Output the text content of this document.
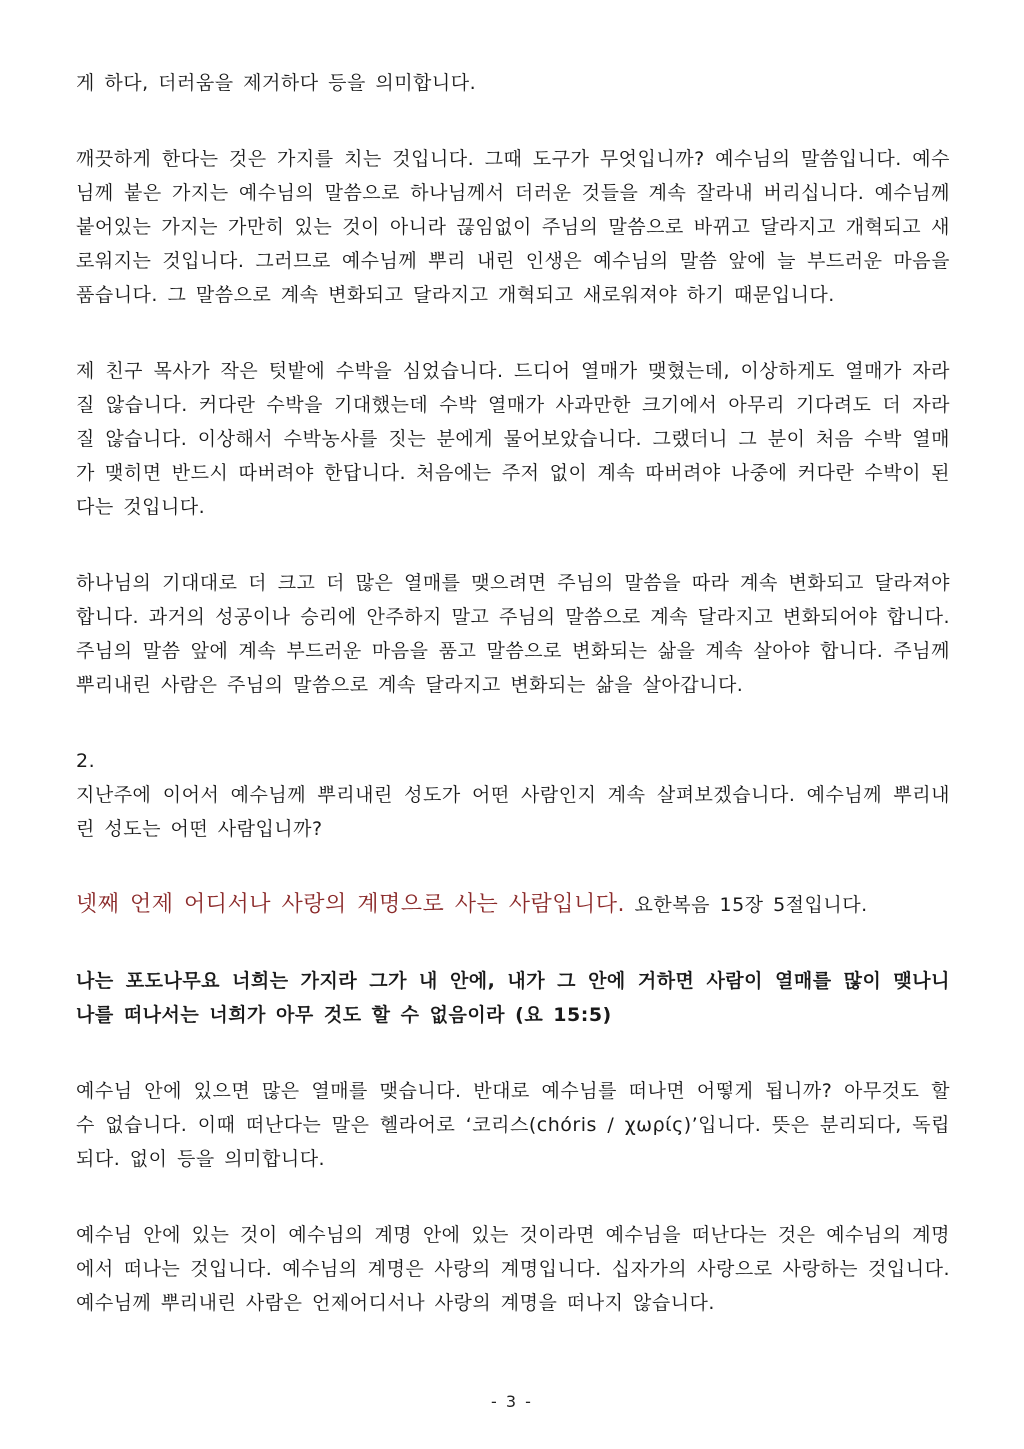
게 하다, 더러움을 제거하다 등을 의미합니다.

깨끗하게 한다는 것은 가지를 치는 것입니다. 그때 도구가 무엇입니까? 예수님의 말씀입니다. 예수님께 붙은 가지는 예수님의 말씀으로 하나님께서 더러운 것들을 계속 잘라내 버리십니다. 예수님께 붙어있는 가지는 가만히 있는 것이 아니라 끊임없이 주님의 말씀으로 바뀌고 달라지고 개혁되고 새로워지는 것입니다. 그러므로 예수님께 뿌리 내린 인생은 예수님의 말씀 앞에 늘 부드러운 마음을 품습니다. 그 말씀으로 계속 변화되고 달라지고 개혁되고 새로워져야 하기 때문입니다.

제 친구 목사가 작은 텃밭에 수박을 심었습니다. 드디어 열매가 맺혔는데, 이상하게도 열매가 자라질 않습니다. 커다란 수박을 기대했는데 수박 열매가 사과만한 크기에서 아무리 기다려도 더 자라질 않습니다. 이상해서 수박농사를 짓는 분에게 물어보았습니다. 그랬더니 그 분이 처음 수박 열매가 맺히면 반드시 따버려야 한답니다. 처음에는 주저 없이 계속 따버려야 나중에 커다란 수박이 된다는 것입니다.

하나님의 기대대로 더 크고 더 많은 열매를 맺으려면 주님의 말씀을 따라 계속 변화되고 달라져야 합니다. 과거의 성공이나 승리에 안주하지 말고 주님의 말씀으로 계속 달라지고 변화되어야 합니다. 주님의 말씀 앞에 계속 부드러운 마음을 품고 말씀으로 변화되는 삶을 계속 살아야 합니다. 주님께 뿌리내린 사람은 주님의 말씀으로 계속 달라지고 변화되는 삶을 살아갑니다.

2.

지난주에 이어서 예수님께 뿌리내린 성도가 어떤 사람인지 계속 살펴보겠습니다. 예수님께 뿌리내린 성도는 어떤 사람입니까?

넷째 언제 어디서나 사랑의 계명으로 사는 사람입니다. 요한복음 15장 5절입니다.

나는 포도나무요 너희는 가지라 그가 내 안에, 내가 그 안에 거하면 사람이 열매를 많이 맺나니 나를 떠나서는 너희가 아무 것도 할 수 없음이라 (요 15:5)

예수님 안에 있으면 많은 열매를 맺습니다. 반대로 예수님를 떠나면 어떻게 됩니까? 아무것도 할 수 없습니다. 이때 떠난다는 말은 헬라어로 ‘코리스(chóris / χωρίς)’입니다. 뜻은 분리되다, 독립되다. 없이 등을 의미합니다.

예수님 안에 있는 것이 예수님의 계명 안에 있는 것이라면 예수님을 떠난다는 것은 예수님의 계명에서 떠나는 것입니다. 예수님의 계명은 사랑의 계명입니다. 십자가의 사랑으로 사랑하는 것입니다. 예수님께 뿌리내린 사람은 언제어디서나 사랑의 계명을 떠나지 않습니다.

- 3 -
